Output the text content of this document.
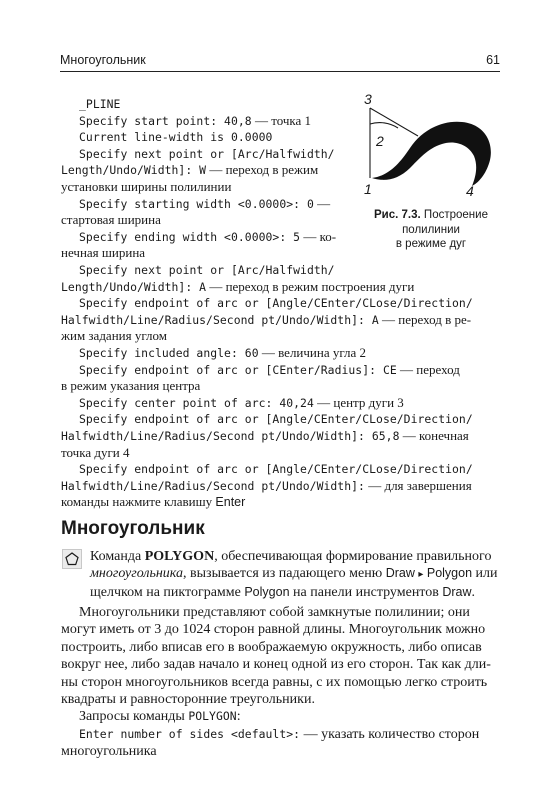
Многоугольник	61
_PLINE
Specify start point: 40,8 — точка 1
Current line-width is 0.0000
Specify next point or [Arc/Halfwidth/
Length/Undo/Width]: W — переход в режим
установки ширины полилинии
Specify starting width <0.0000>: 0 —
стартовая ширина
Specify ending width <0.0000>: 5 — ко-
нечная ширина
Specify next point or [Arc/Halfwidth/
Length/Undo/Width]: A — переход в режим построения дуги
Specify endpoint of arc or [Angle/CEnter/CLose/Direction/
Halfwidth/Line/Radius/Second pt/Undo/Width]: A — переход в ре-
жим задания углом
Specify included angle: 60 — величина угла 2
Specify endpoint of arc or [CEnter/Radius]: CE — переход
в режим указания центра
Specify center point of arc: 40,24 — центр дуги 3
Specify endpoint of arc or [Angle/CEnter/CLose/Direction/
Halfwidth/Line/Radius/Second pt/Undo/Width]: 65,8 — конечная
точка дуги 4
Specify endpoint of arc or [Angle/CEnter/CLose/Direction/
Halfwidth/Line/Radius/Second pt/Undo/Width]: — для завершения
команды нажмите клавишу Enter
3
2
1	4
Рис. 7.3. Построение
полилинии
в режиме дуг
Многоугольник
Команда POLYGON, обеспечивающая формирование правильного
многоугольника, вызывается из падающего меню Draw ▸ Polygon или
щелчком на пиктограмме Polygon на панели инструментов Draw.
Многоугольники представляют собой замкнутые полилинии; они
могут иметь от 3 до 1024 сторон равной длины. Многоугольник можно
построить, либо вписав его в воображаемую окружность, либо описав
вокруг нее, либо задав начало и конец одной из его сторон. Так как дли-
ны сторон многоугольников всегда равны, с их помощью легко строить
квадраты и равносторонние треугольники.
Запросы команды POLYGON:
Enter number of sides <default>: — указать количество сторон
многоугольника
